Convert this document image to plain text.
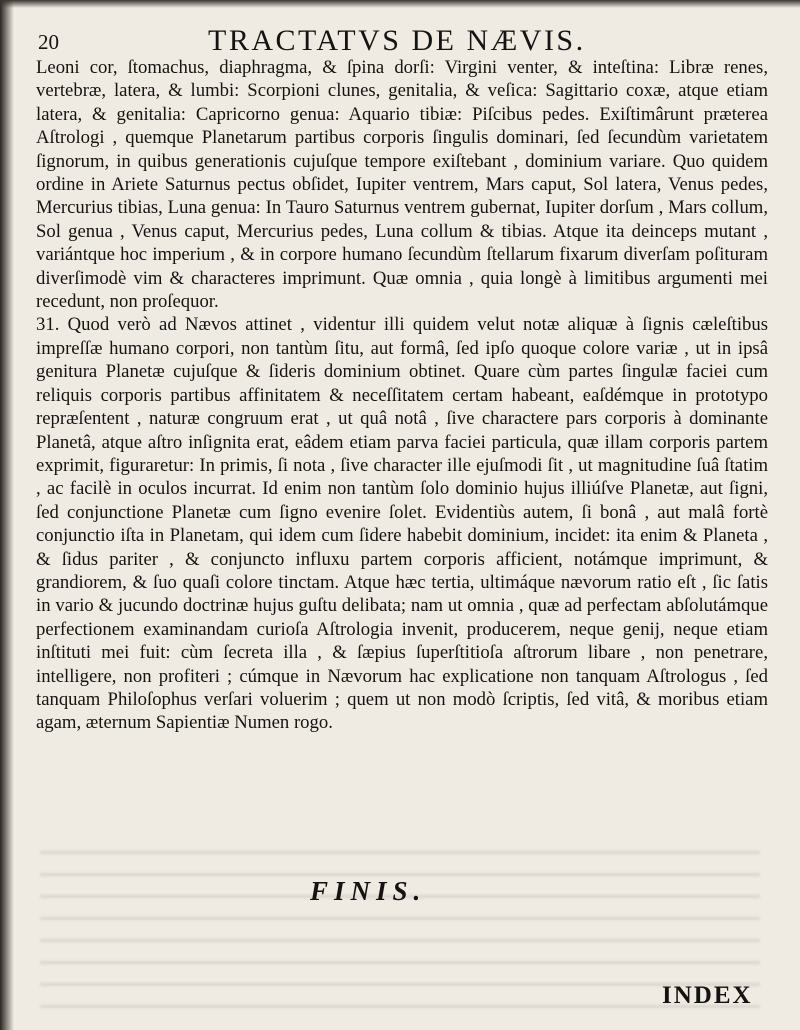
20	TRACTATVS DE NÆVIS.

Leoni cor, ſtomachus, diaphragma, & ſpina dorſi: Virgini venter, & inteſtina: Libræ renes, vertebræ, latera, & lumbi: Scorpioni clunes, genitalia, & veſica: Sagittario coxæ, atque etiam latera, & genitalia: Capricorno genua: Aquario tibiæ: Piſcibus pedes. Exiſtimârunt præterea Aſtrologi , quemque Planetarum partibus corporis ſingulis dominari, ſed ſecundùm varietatem ſignorum, in quibus generationis cujuſque tempore exiſtebant , dominium variare. Quo quidem ordine in Ariete Saturnus pectus obſidet, Iupiter ventrem, Mars caput, Sol latera, Venus pedes, Mercurius tibias, Luna genua: In Tauro Saturnus ventrem gubernat, Iupiter dorſum , Mars collum, Sol genua , Venus caput, Mercurius pedes, Luna collum & tibias. Atque ita deinceps mutant , variántque hoc imperium , & in corpore humano ſecundùm ſtellarum fixarum diverſam poſituram diverſimodè vim & characteres imprimunt. Quæ omnia , quia longè à limitibus argumenti mei recedunt, non proſequor.

31. Quod verò ad Nævos attinet , videntur illi quidem velut notæ aliquæ à ſignis cæleſtibus impreſſæ humano corpori, non tantùm ſitu, aut formâ, ſed ipſo quoque colore variæ , ut in ipsâ genitura Planetæ cujuſque & ſideris dominium obtinet. Quare cùm partes ſingulæ faciei cum reliquis corporis partibus affinitatem & neceſſitatem certam habeant, eaſdémque in prototypo repræſentent , naturæ congruum erat , ut quâ notâ , ſive charactere pars corporis à dominante Planetâ, atque aſtro inſignita erat, eâdem etiam parva faciei particula, quæ illam corporis partem exprimit, figuraretur: In primis, ſi nota , ſive character ille ejuſmodi ſit , ut magnitudine ſuâ ſtatim , ac facilè in oculos incurrat. Id enim non tantùm ſolo dominio hujus illiúſve Planetæ, aut ſigni, ſed conjunctione Planetæ cum ſigno evenire ſolet. Evidentiùs autem, ſi bonâ , aut malâ fortè conjunctio iſta in Planetam, qui idem cum ſidere habebit dominium, incidet: ita enim & Planeta , & ſidus pariter , & conjuncto influxu partem corporis afficient, notámque imprimunt, & grandiorem, & ſuo quaſi colore tinctam. Atque hæc tertia, ultimáque nævorum ratio eſt , ſic ſatis in vario & jucundo doctrinæ hujus guſtu delibata; nam ut omnia , quæ ad perfectam abſolutámque perfectionem examinandam curioſa Aſtrologia invenit, producerem, neque genij, neque etiam inſtituti mei fuit: cùm ſecreta illa , & ſæpius ſuperſtitioſa aſtrorum libare , non penetrare, intelligere, non profiteri ; cúmque in Nævorum hac explicatione non tanquam Aſtrologus , ſed tanquam Philoſophus verſari voluerim ; quem ut non modò ſcriptis, ſed vitâ, & moribus etiam agam, æternum Sapientiæ Numen rogo.

FINIS.
INDEX
